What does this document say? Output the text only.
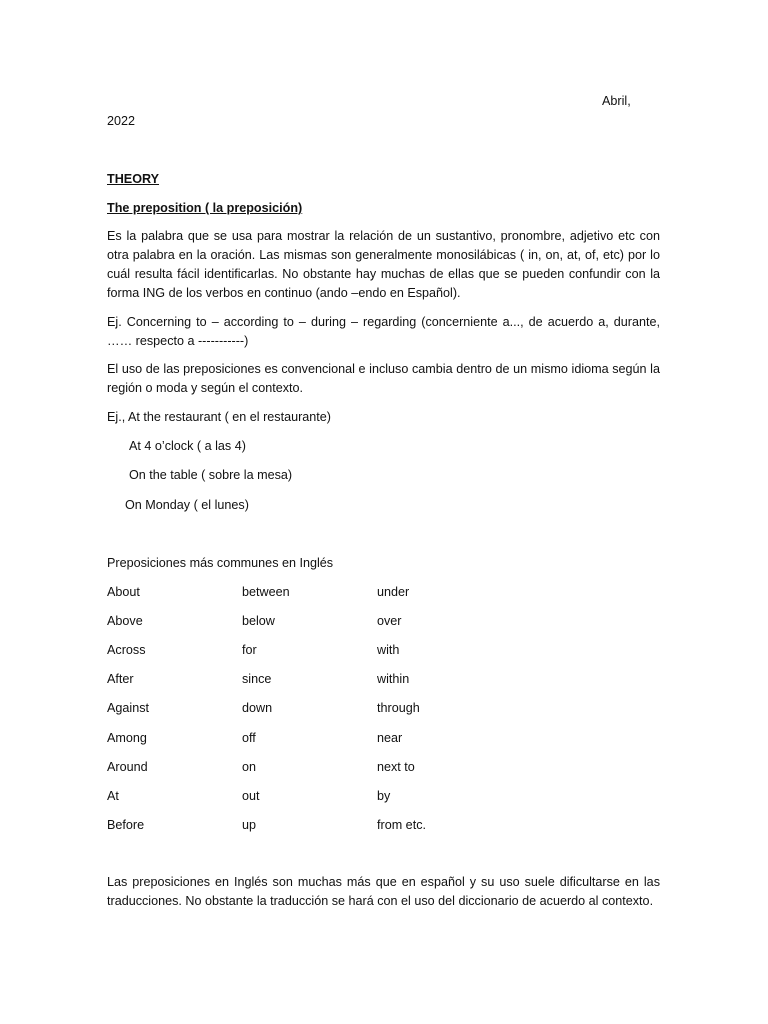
Abril,
2022
THEORY
The preposition ( la preposición)
Es la palabra que se usa para mostrar la relación de un sustantivo, pronombre, adjetivo etc con otra palabra en la oración. Las mismas son generalmente monosilábicas ( in, on, at, of, etc) por lo cuál resulta fácil identificarlas. No obstante hay muchas de ellas que se pueden confundir con la forma ING de los verbos en continuo (ando –endo en Español).
Ej. Concerning to – according to – during – regarding (concerniente a..., de acuerdo a, durante, …… respecto a -----------)
El uso de las preposiciones es convencional e incluso cambia dentro de un mismo idioma según la región o moda y según el contexto.
Ej., At the restaurant ( en el restaurante)
At 4 o’clock ( a las 4)
On the table ( sobre la mesa)
On Monday ( el lunes)
Preposiciones más communes en Inglés
About
Above
Across
After
Against
Among
Around
At
Before
between
below
for
since
down
off
on
out
up
under
over
with
within
through
near
next to
by
from etc.
Las preposiciones en Inglés son muchas más que en español y su uso suele dificultarse en las traducciones. No obstante la traducción se hará con el uso del diccionario de acuerdo al contexto.
